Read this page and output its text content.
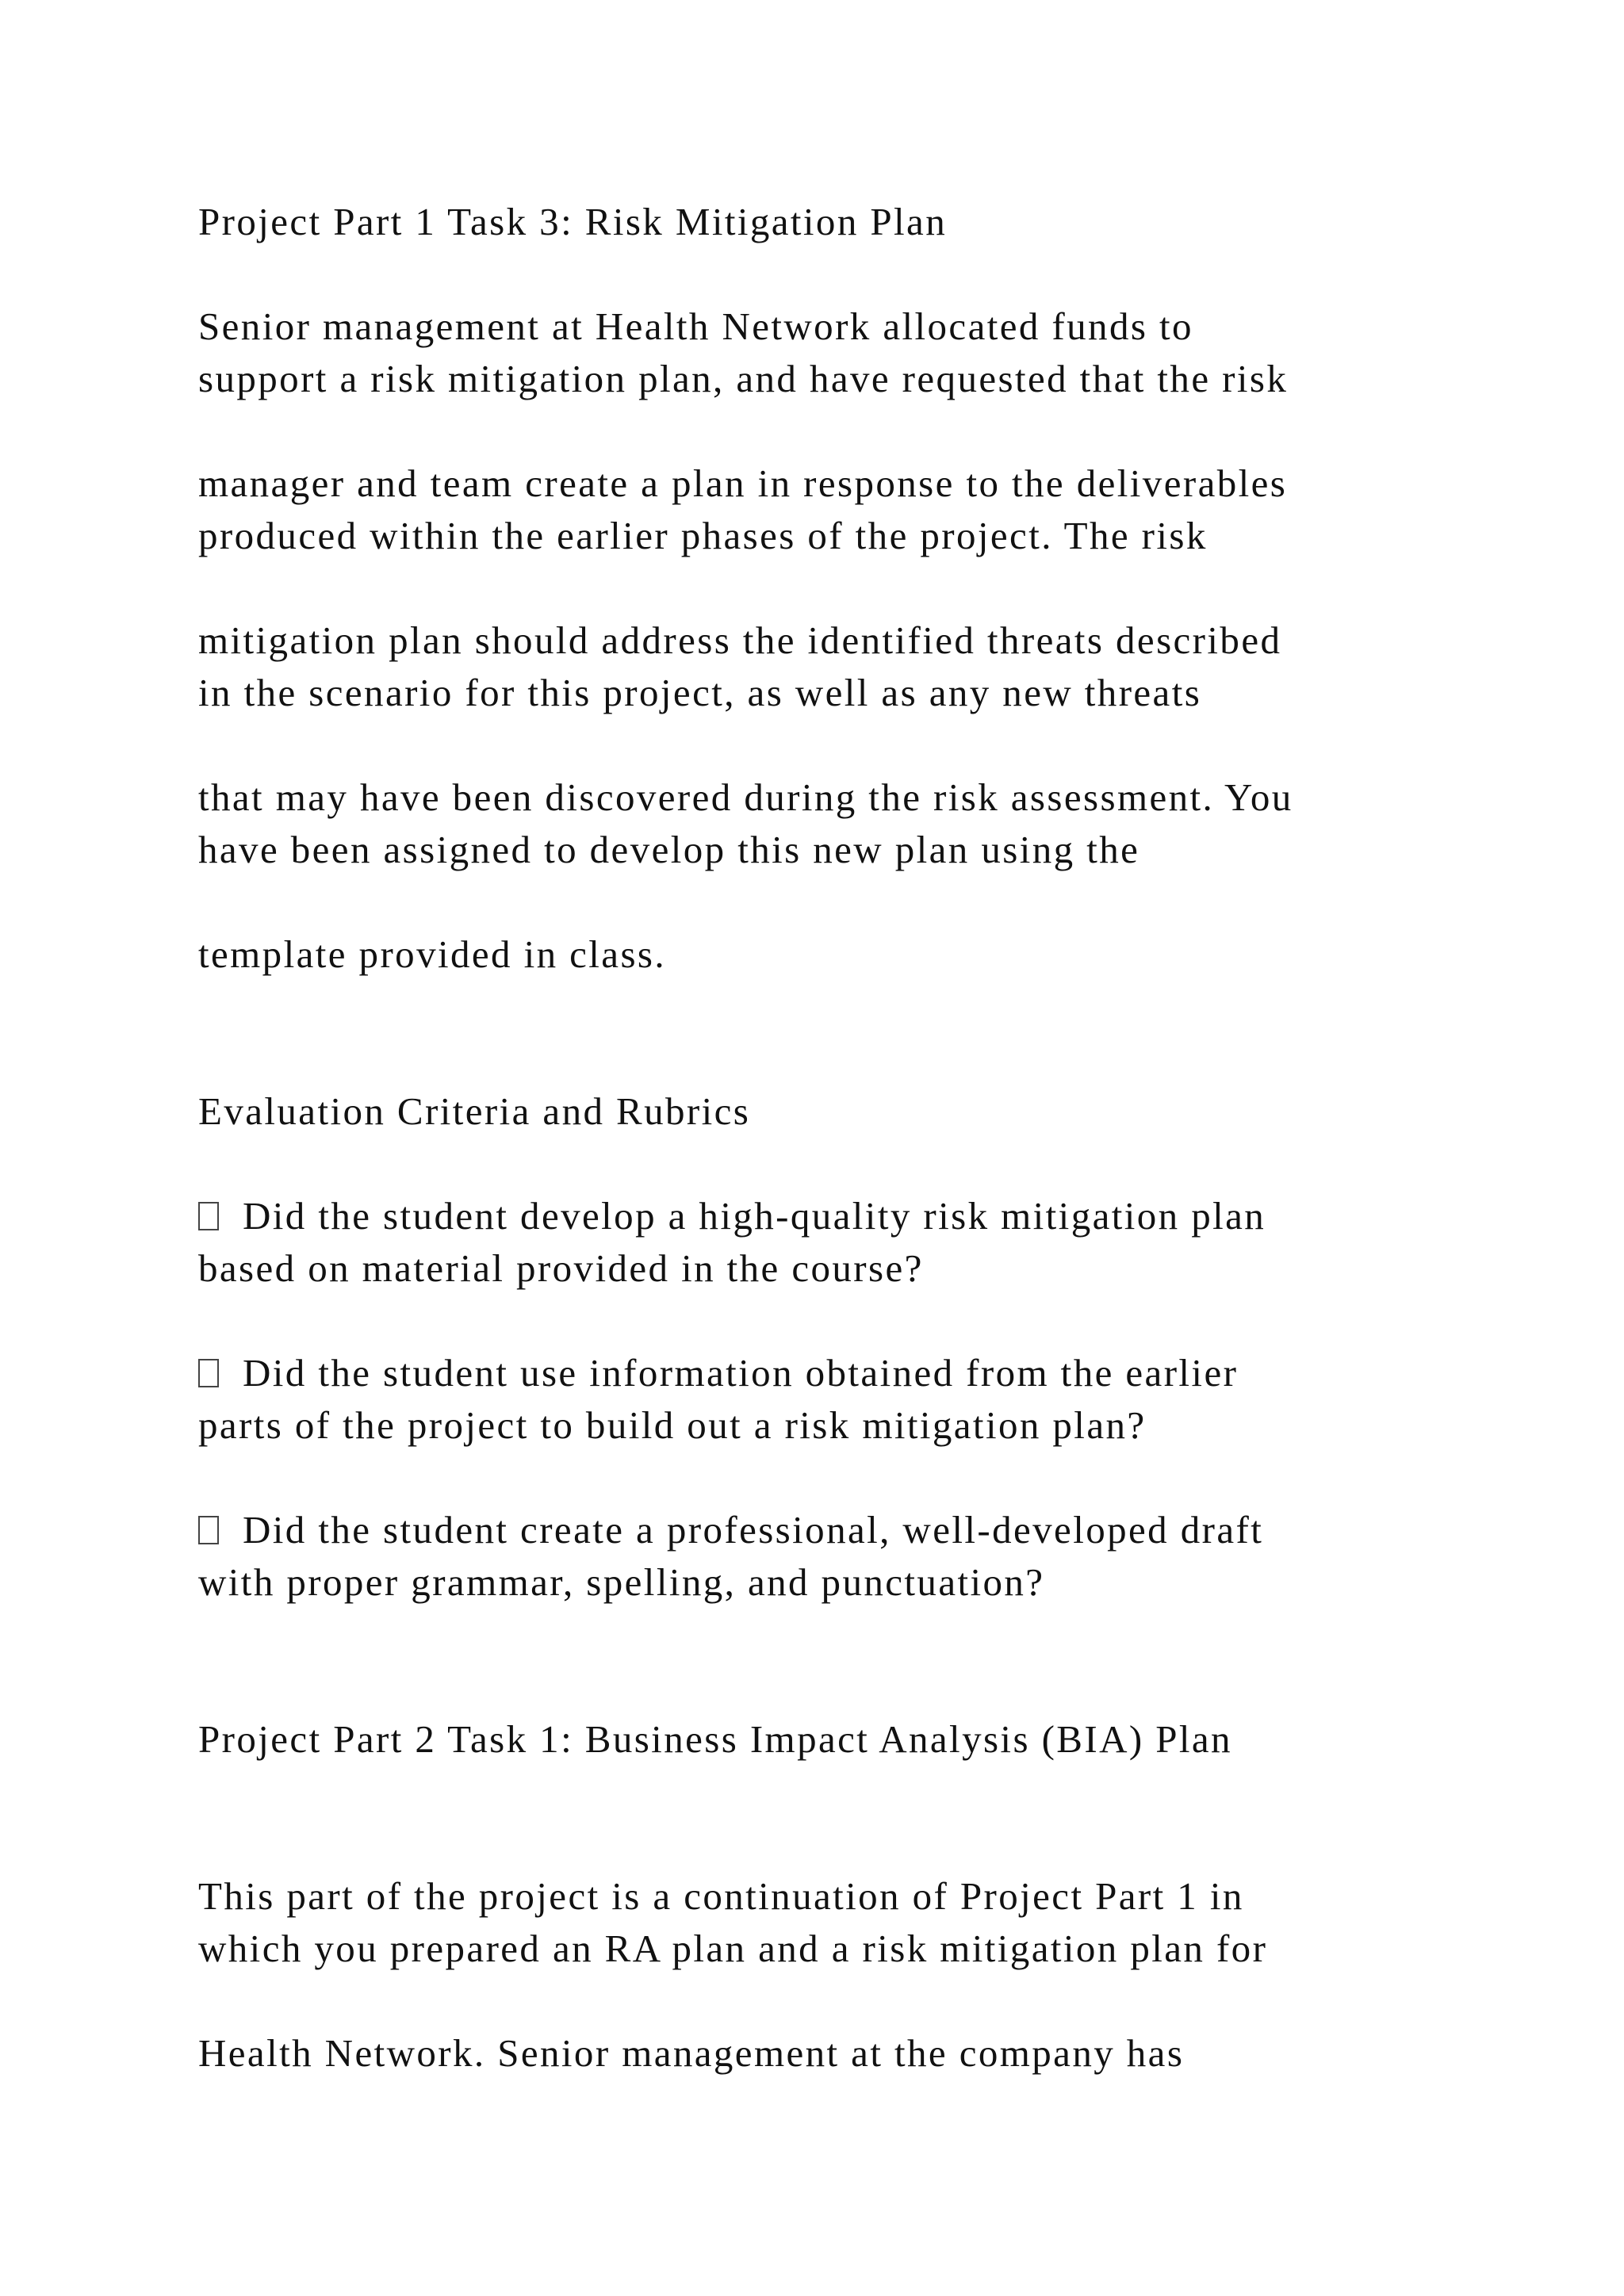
Project Part 1 Task 3: Risk Mitigation Plan

Senior management at Health Network allocated funds to

support a risk mitigation plan, and have requested that the risk

manager and team create a plan in response to the deliverables

produced within the earlier phases of the project. The risk

mitigation plan should address the identified threats described

in the scenario for this project, as well as any new threats

that may have been discovered during the risk assessment. You

have been assigned to develop this new plan using the

template provided in class.

Evaluation Criteria and Rubrics

Did the student develop a high-quality risk mitigation plan

based on material provided in the course?

Did the student use information obtained from the earlier

parts of the project to build out a risk mitigation plan?

Did the student create a professional, well-developed draft

with proper grammar, spelling, and punctuation?

Project Part 2 Task 1: Business Impact Analysis (BIA) Plan

This part of the project is a continuation of Project Part 1 in

which you prepared an RA plan and a risk mitigation plan for

Health Network. Senior management at the company has
